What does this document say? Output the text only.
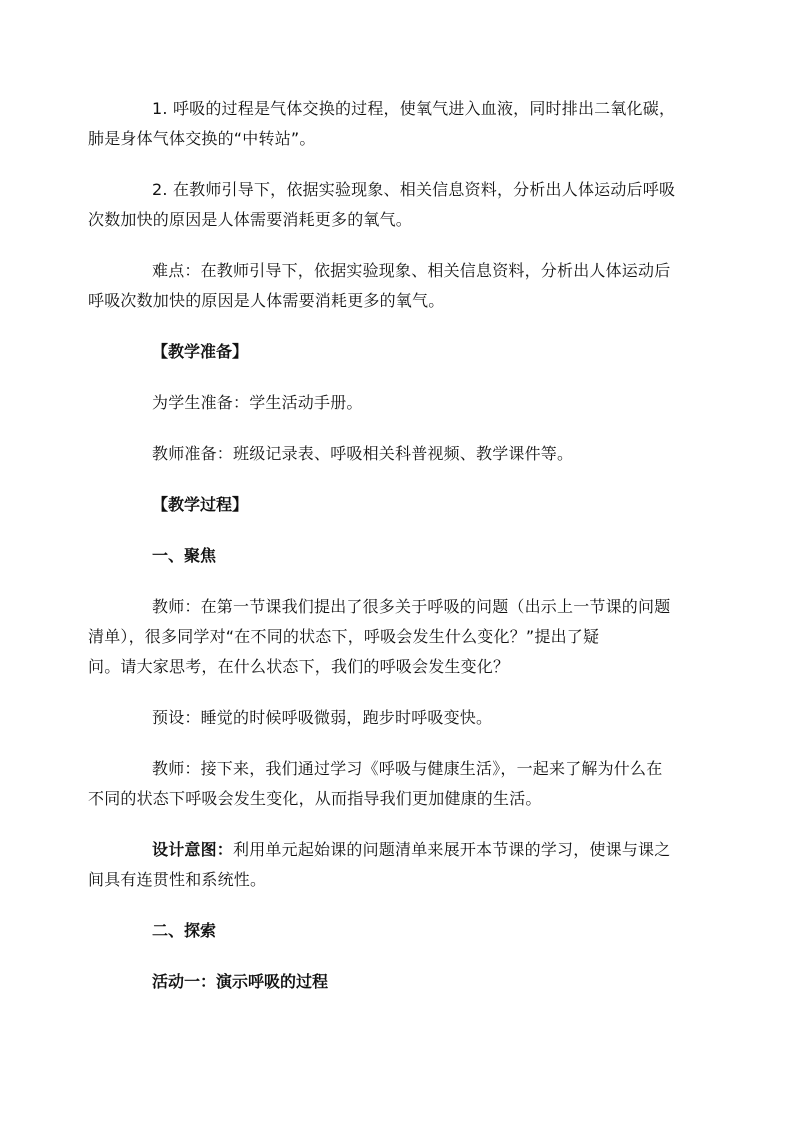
1. 呼吸的过程是气体交换的过程，使氧气进入血液，同时排出二氧化碳，
肺是身体气体交换的“中转站”。

2. 在教师引导下，依据实验现象、相关信息资料，分析出人体运动后呼吸
次数加快的原因是人体需要消耗更多的氧气。

难点：在教师引导下，依据实验现象、相关信息资料，分析出人体运动后
呼吸次数加快的原因是人体需要消耗更多的氧气。

【教学准备】

为学生准备：学生活动手册。

教师准备：班级记录表、呼吸相关科普视频、教学课件等。

【教学过程】

一、聚焦

教师：在第一节课我们提出了很多关于呼吸的问题（出示上一节课的问题
清单），很多同学对“在不同的状态下，呼吸会发生什么变化？”提出了疑
问。请大家思考，在什么状态下，我们的呼吸会发生变化？

预设：睡觉的时候呼吸微弱，跑步时呼吸变快。

教师：接下来，我们通过学习《呼吸与健康生活》，一起来了解为什么在
不同的状态下呼吸会发生变化，从而指导我们更加健康的生活。

设计意图：利用单元起始课的问题清单来展开本节课的学习，使课与课之
间具有连贯性和系统性。

二、探索

活动一：演示呼吸的过程
